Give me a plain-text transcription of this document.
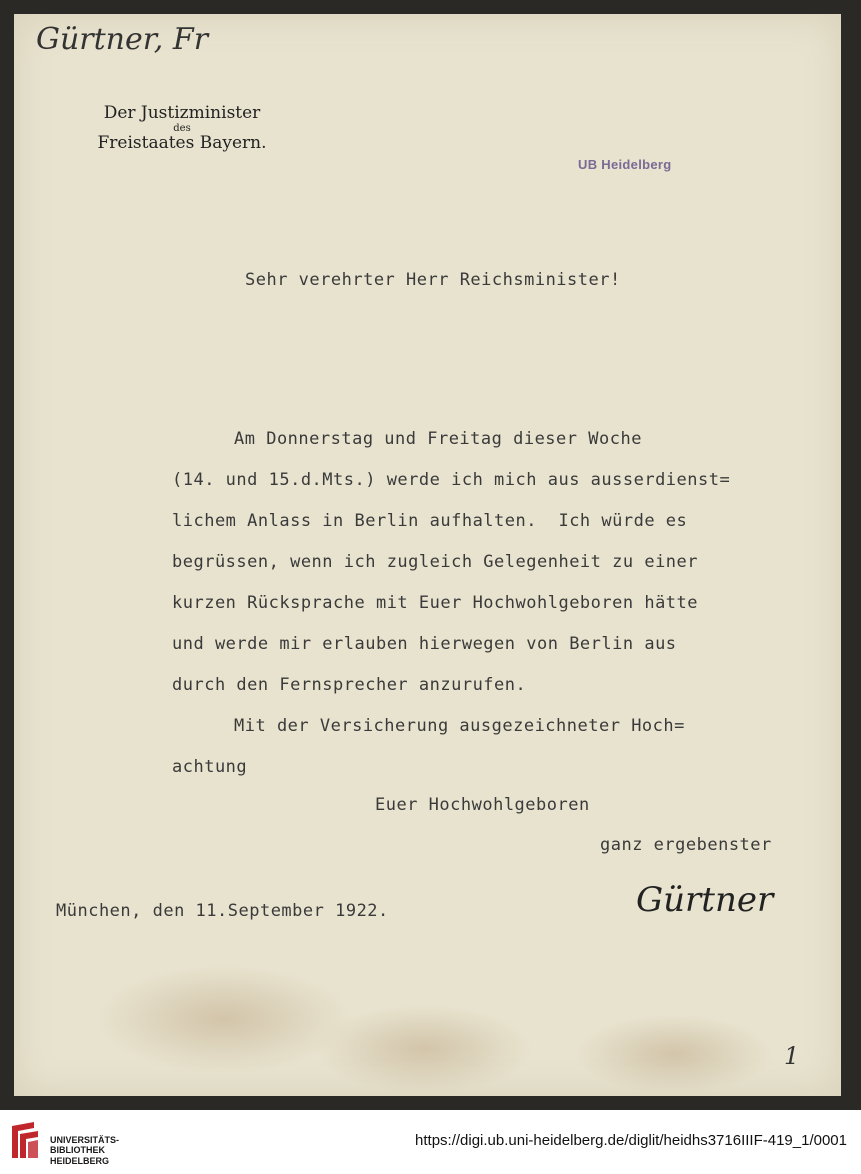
Gürtner, Fr
Der Justizminister
des
Freistaates Bayern.
UB Heidelberg
Sehr verehrter Herr Reichsminister!
Am Donnerstag und Freitag dieser Woche
(14. und 15.d.Mts.) werde ich mich aus ausserdienst=
lichem Anlass in Berlin aufhalten.  Ich würde es
begrüssen, wenn ich zugleich Gelegenheit zu einer
kurzen Rücksprache mit Euer Hochwohlgeboren hätte
und werde mir erlauben hierwegen von Berlin aus
durch den Fernsprecher anzurufen.
Mit der Versicherung ausgezeichneter Hoch=
achtung
Euer Hochwohlgeboren
ganz ergebenster
München, den 11.September 1922.	Gürtner
1
UNIVERSITÄTS-
BIBLIOTHEK
HEIDELBERG
https://digi.ub.uni-heidelberg.de/diglit/heidhs3716IIIF-419_1/0001
